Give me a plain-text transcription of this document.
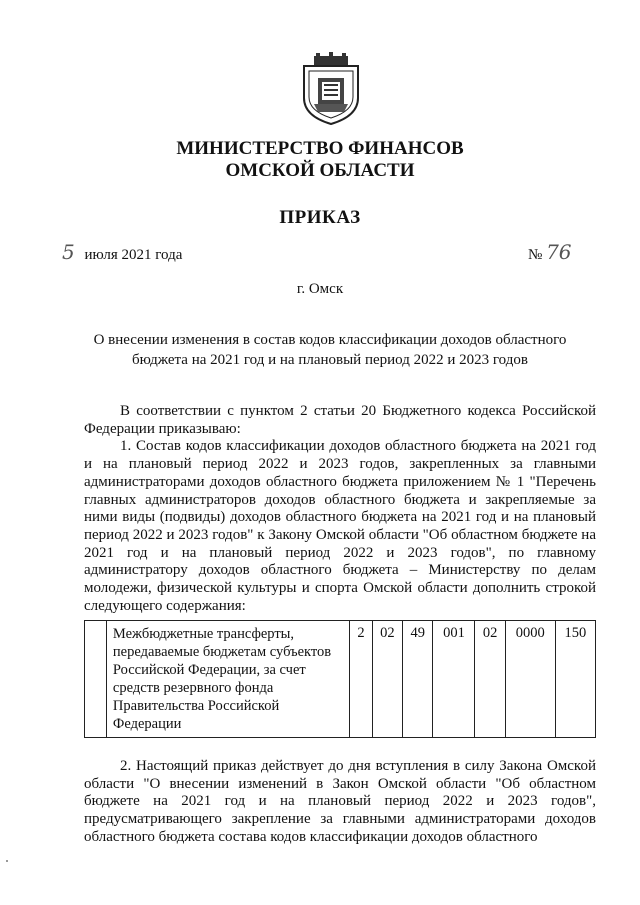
МИНИСТЕРСТВО ФИНАНСОВ
ОМСКОЙ ОБЛАСТИ
ПРИКАЗ
5 июля 2021 года	№ 76
г. Омск
О внесении изменения в состав кодов классификации доходов областного бюджета на 2021 год и на плановый период 2022 и 2023 годов
В соответствии с пунктом 2 статьи 20 Бюджетного кодекса Российской Федерации приказываю:
1. Состав кодов классификации доходов областного бюджета на 2021 год и на плановый период 2022 и 2023 годов, закрепленных за главными администраторами доходов областного бюджета приложением № 1 "Перечень главных администраторов доходов областного бюджета и закрепляемые за ними виды (подвиды) доходов областного бюджета на 2021 год и на плановый период 2022 и 2023 годов" к Закону Омской области "Об областном бюджете на 2021 год и на плановый период 2022 и 2023 годов", по главному администратору доходов областного бюджета – Министерству по делам молодежи, физической культуры и спорта Омской области дополнить строкой следующего содержания:
	Межбюджетные трансферты, передаваемые бюджетам субъектов Российской Федерации, за счет средств резервного фонда Правительства Российской Федерации	2	02	49	001	02	0000	150
2. Настоящий приказ действует до дня вступления в силу Закона Омской области "О внесении изменений в Закон Омской области "Об областном бюджете на 2021 год и на плановый период 2022 и 2023 годов", предусматривающего закрепление за главными администраторами доходов областного бюджета состава кодов классификации доходов областного
